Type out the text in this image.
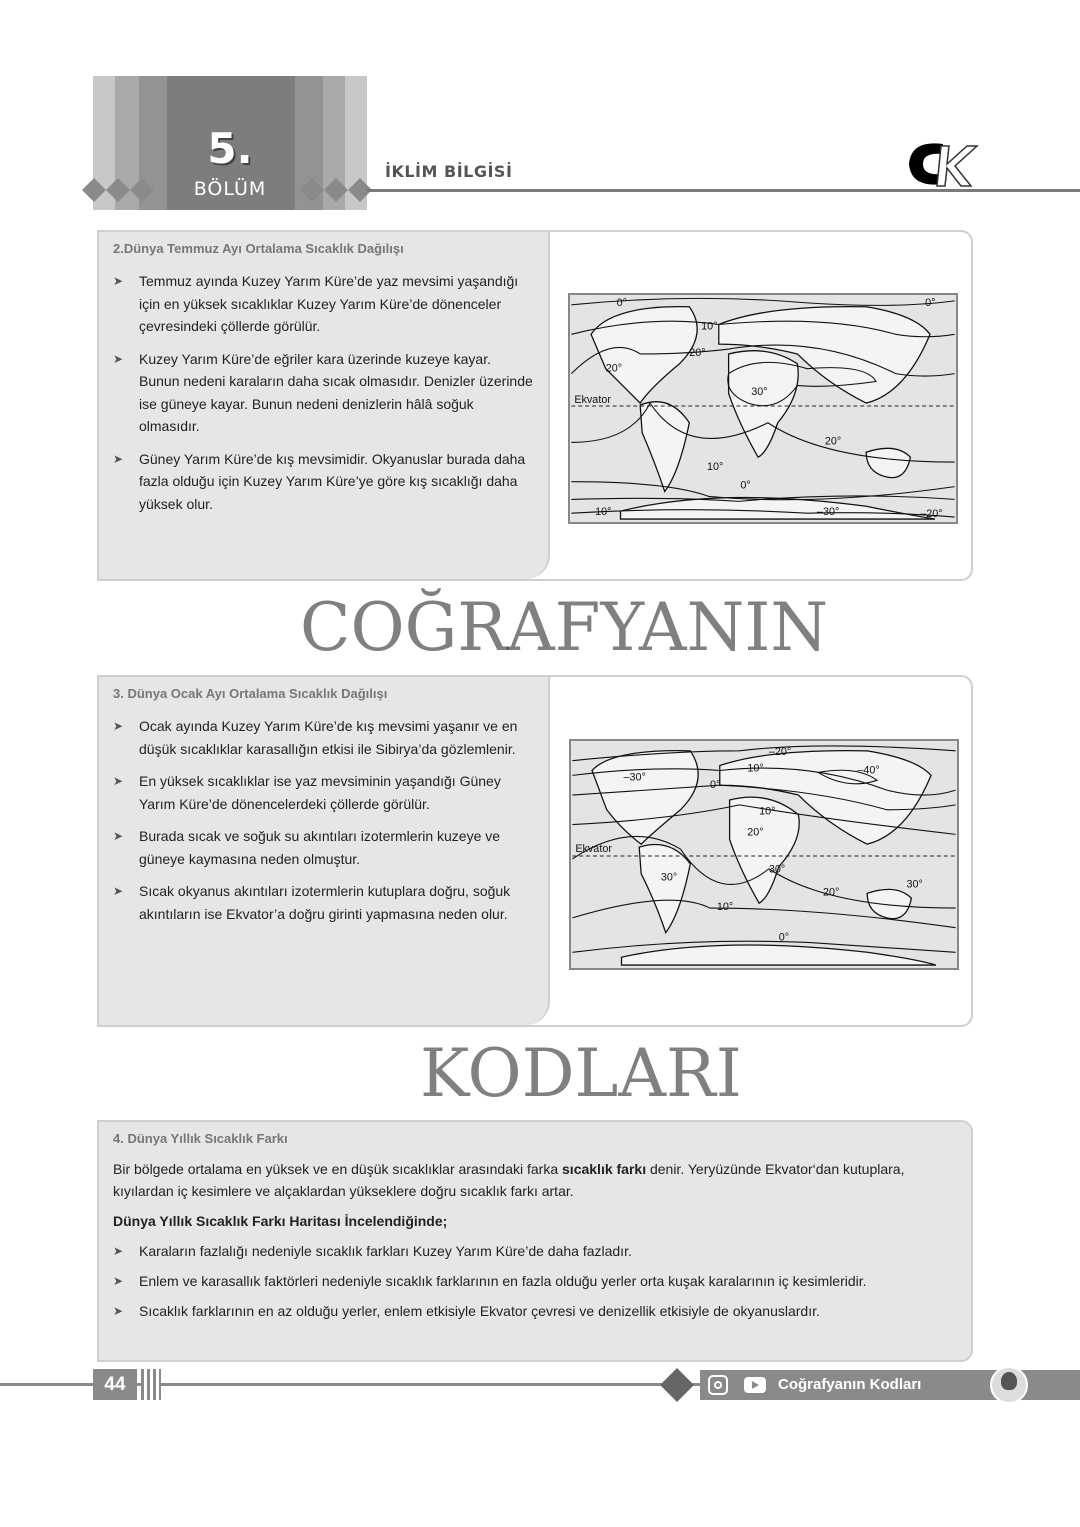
5.
BÖLÜM
İKLİM BİLGİSİ
2.Dünya Temmuz Ayı Ortalama Sıcaklık Dağılışı
➤ Temmuz ayında Kuzey Yarım Küre’de yaz mevsimi yaşandığı için en yüksek sıcaklıklar Kuzey Yarım Küre’de dönenceler çevresindeki çöllerde görülür.
➤ Kuzey Yarım Küre’de eğriler kara üzerinde kuzeye kayar. Bunun nedeni karaların daha sıcak olmasıdır. Denizler üzerinde ise güneye kayar. Bunun nedeni denizlerin hâlâ soğuk olmasıdır.
➤ Güney Yarım Küre’de kış mevsimidir. Okyanuslar burada daha fazla olduğu için Kuzey Yarım Küre’ye göre kış sıcaklığı daha yüksek olur.
Ekvator
0°	0°
10°
20°
20°
30°
20°
10°
0°
–10°	–30°	–20°
COĞRAFYANIN
3. Dünya Ocak Ayı Ortalama Sıcaklık Dağılışı
➤ Ocak ayında Kuzey Yarım Küre’de kış mevsimi yaşanır ve en düşük sıcaklıklar karasallığın etkisi ile Sibirya’da gözlemlenir.
➤ En yüksek sıcaklıklar ise yaz mevsiminin yaşandığı Güney Yarım Küre’de dönencelerdeki çöllerde görülür.
➤ Burada sıcak ve soğuk su akıntıları izotermlerin kuzeye ve güneye kaymasına neden olmuştur.
➤ Sıcak okyanus akıntıları izotermlerin kutuplara doğru, soğuk akıntıların ise Ekvator’a doğru girinti yapmasına neden olur.
Ekvator
–30°
–20°
–10°
0°
–40°
10°
20°
30°
30°
30°
20°
10°
0°
KODLARI
4. Dünya Yıllık Sıcaklık Farkı
Bir bölgede ortalama en yüksek ve en düşük sıcaklıklar arasındaki farka sıcaklık farkı denir. Yeryüzünde Ekvator‘dan kutuplara, kıyılardan iç kesimlere ve alçaklardan yükseklere doğru sıcaklık farkı artar.
Dünya Yıllık Sıcaklık Farkı Haritası İncelendiğinde;
➤ Karaların fazlalığı nedeniyle sıcaklık farkları Kuzey Yarım Küre’de daha fazladır.
➤ Enlem ve karasallık faktörleri nedeniyle sıcaklık farklarının en fazla olduğu yerler orta kuşak karalarının iç kesimleridir.
➤ Sıcaklık farklarının en az olduğu yerler, enlem etkisiyle Ekvator çevresi ve denizellik etkisiyle de okyanuslardır.
44	Coğrafyanın Kodları
